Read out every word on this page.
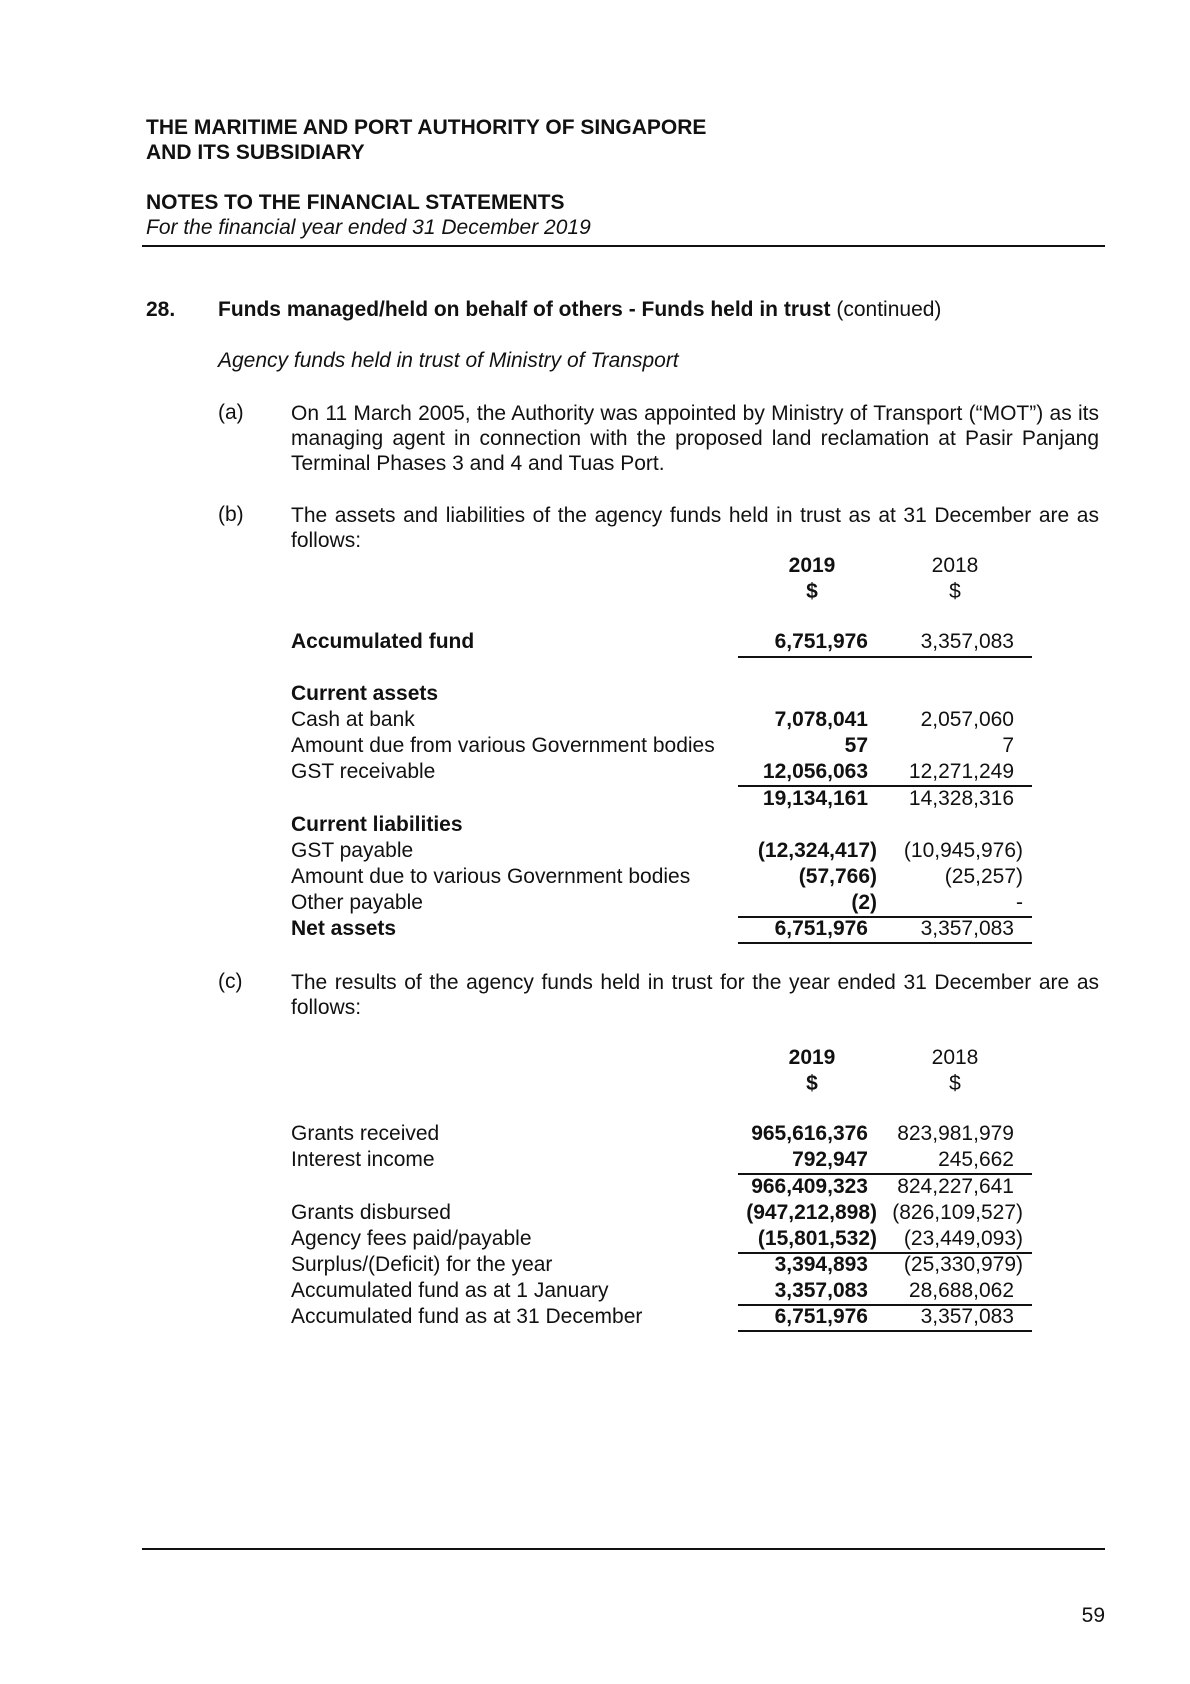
THE MARITIME AND PORT AUTHORITY OF SINGAPORE
AND ITS SUBSIDIARY
NOTES TO THE FINANCIAL STATEMENTS
For the financial year ended 31 December 2019
28. Funds managed/held on behalf of others - Funds held in trust (continued)
Agency funds held in trust of Ministry of Transport
(a) On 11 March 2005, the Authority was appointed by Ministry of Transport (“MOT”) as its managing agent in connection with the proposed land reclamation at Pasir Panjang Terminal Phases 3 and 4 and Tuas Port.
(b) The assets and liabilities of the agency funds held in trust as at 31 December are as follows:
2019	2018
$	$
Accumulated fund	6,751,976	3,357,083
Current assets
Cash at bank	7,078,041	2,057,060
Amount due from various Government bodies	57	7
GST receivable	12,056,063 12,271,249
19,134,161 14,328,316
Current liabilities
GST payable	(12,324,417) (10,945,976)
Amount due to various Government bodies	(57,766)	(25,257)
Other payable	(2)	-
Net assets	6,751,976	3,357,083
(c) The results of the agency funds held in trust for the year ended 31 December are as follows:
2019	2018
$	$
Grants received	965,616,376 823,981,979
Interest income	792,947	245,662
966,409,323 824,227,641
Grants disbursed	(947,212,898) (826,109,527)
Agency fees paid/payable	(15,801,532) (23,449,093)
Surplus/(Deficit) for the year	3,394,893 (25,330,979)
Accumulated fund as at 1 January	3,357,083 28,688,062
Accumulated fund as at 31 December	6,751,976	3,357,083
59
